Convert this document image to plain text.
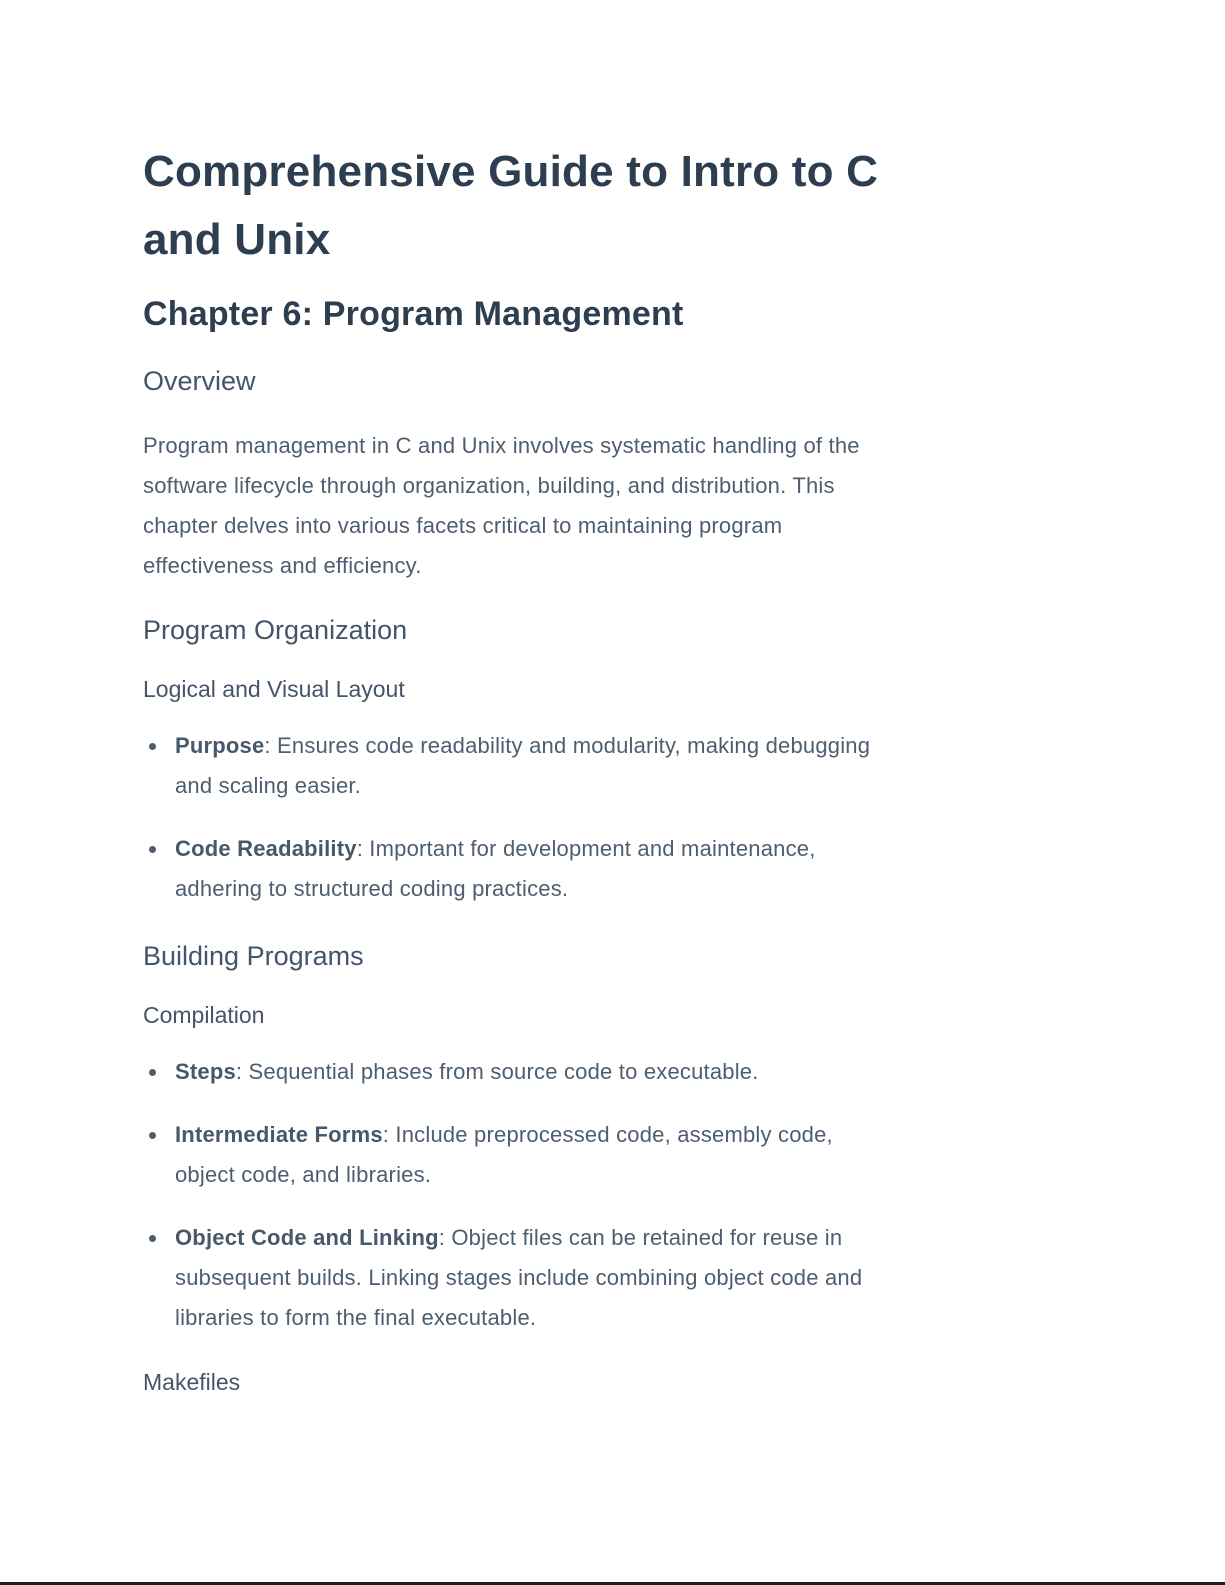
Comprehensive Guide to Intro to C and Unix
Chapter 6: Program Management
Overview

Program management in C and Unix involves systematic handling of the software lifecycle through organization, building, and distribution. This chapter delves into various facets critical to maintaining program effectiveness and efficiency.

Program Organization
Logical and Visual Layout
Purpose: Ensures code readability and modularity, making debugging and scaling easier.
Code Readability: Important for development and maintenance, adhering to structured coding practices.
Building Programs
Compilation
Steps: Sequential phases from source code to executable.
Intermediate Forms: Include preprocessed code, assembly code, object code, and libraries.
Object Code and Linking: Object files can be retained for reuse in subsequent builds. Linking stages include combining object code and libraries to form the final executable.
Makefiles
